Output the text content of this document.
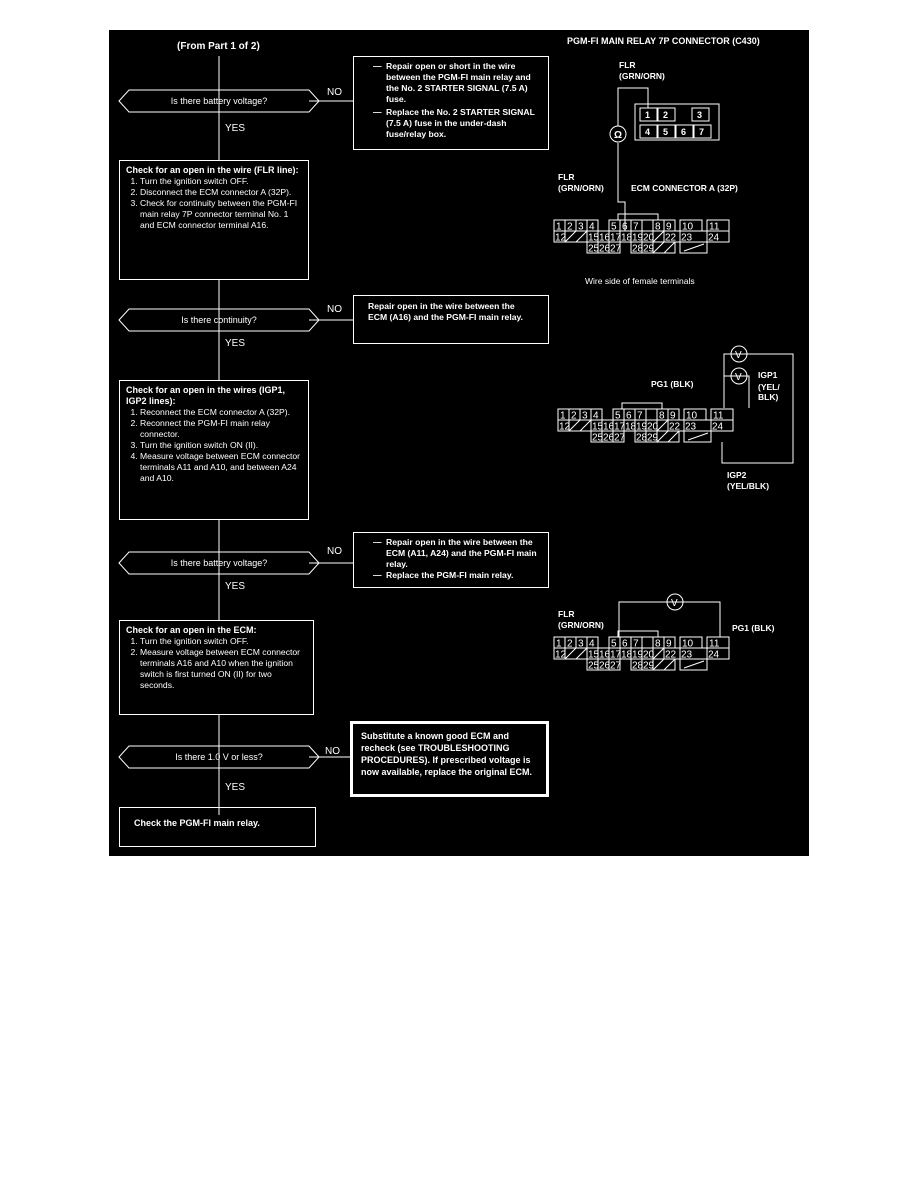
(From Part 1 of 2)
Is there battery voltage?
NO
YES
— Repair open or short in the wire between the PGM-FI main relay and the No. 2 STARTER SIGNAL (7.5 A) fuse.
— Replace the No. 2 STARTER SIGNAL (7.5 A) fuse in the under-dash fuse/relay box.
Check for an open in the wire (FLR line):
1. Turn the ignition switch OFF.
2. Disconnect the ECM connector A (32P).
3. Check for continuity between the PGM-FI main relay 7P connector terminal No. 1 and ECM connector terminal A16.
Is there continuity?
NO
YES
Repair open in the wire between the ECM (A16) and the PGM-FI main relay.
Check for an open in the wires (IGP1, IGP2 lines):
1. Reconnect the ECM connector A (32P).
2. Reconnect the PGM-FI main relay connector.
3. Turn the ignition switch ON (II).
4. Measure voltage between ECM connector terminals A11 and A10, and between A24 and A10.
Is there battery voltage?
NO
YES
— Repair open in the wire between the ECM (A11, A24) and the PGM-FI main relay.
— Replace the PGM-FI main relay.
Check for an open in the ECM:
1. Turn the ignition switch OFF.
2. Measure voltage between ECM connector terminals A16 and A10 when the ignition switch is first turned ON (II) for two seconds.
Is there 1.0 V or less?	NO
YES
Substitute a known good ECM and recheck (see TROUBLESHOOTING PROCEDURES). If prescribed voltage is now available, replace the original ECM.
Check the PGM-FI main relay.
PGM-FI MAIN RELAY 7P CONNECTOR (C430)
FLR
(GRN/ORN)
Ω
1 2	3
4 5 6 7
FLR
(GRN/ORN)	ECM CONNECTOR A (32P)
Wire side of female terminals
1 2 3 4 5 6 7 8 9 10 11
12 15 16 17 18 19 20 22 23 24
25 26 27 28 29
1 2 3 4 5 6 7 8 9 10 11
12 15 16 17 18 19 20 22 23 24
25 26 27 28 29
1 2 3 4 5 6 7 8 9 10 11
12 15 16 17 18 19 20 22 23 24
25 26 27 28 29
V
V
V
PG1 (BLK)
IGP1
(YEL/ BLK)
IGP2
(YEL/BLK)
FLR
(GRN/ORN)	PG1 (BLK)
